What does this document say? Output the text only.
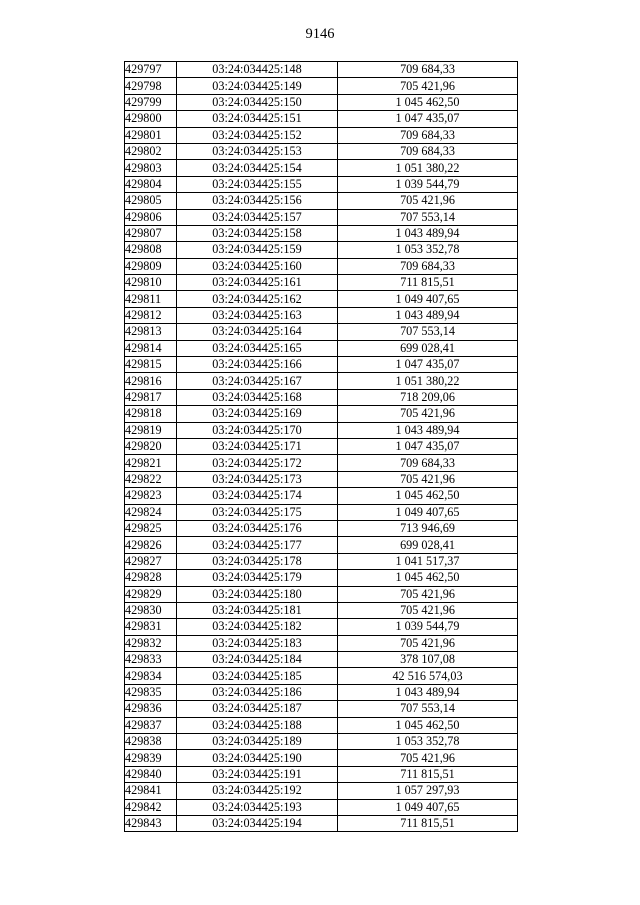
9146
429797	03:24:034425:148	709 684,33
429798	03:24:034425:149	705 421,96
429799	03:24:034425:150	1 045 462,50
429800	03:24:034425:151	1 047 435,07
429801	03:24:034425:152	709 684,33
429802	03:24:034425:153	709 684,33
429803	03:24:034425:154	1 051 380,22
429804	03:24:034425:155	1 039 544,79
429805	03:24:034425:156	705 421,96
429806	03:24:034425:157	707 553,14
429807	03:24:034425:158	1 043 489,94
429808	03:24:034425:159	1 053 352,78
429809	03:24:034425:160	709 684,33
429810	03:24:034425:161	711 815,51
429811	03:24:034425:162	1 049 407,65
429812	03:24:034425:163	1 043 489,94
429813	03:24:034425:164	707 553,14
429814	03:24:034425:165	699 028,41
429815	03:24:034425:166	1 047 435,07
429816	03:24:034425:167	1 051 380,22
429817	03:24:034425:168	718 209,06
429818	03:24:034425:169	705 421,96
429819	03:24:034425:170	1 043 489,94
429820	03:24:034425:171	1 047 435,07
429821	03:24:034425:172	709 684,33
429822	03:24:034425:173	705 421,96
429823	03:24:034425:174	1 045 462,50
429824	03:24:034425:175	1 049 407,65
429825	03:24:034425:176	713 946,69
429826	03:24:034425:177	699 028,41
429827	03:24:034425:178	1 041 517,37
429828	03:24:034425:179	1 045 462,50
429829	03:24:034425:180	705 421,96
429830	03:24:034425:181	705 421,96
429831	03:24:034425:182	1 039 544,79
429832	03:24:034425:183	705 421,96
429833	03:24:034425:184	378 107,08
429834	03:24:034425:185	42 516 574,03
429835	03:24:034425:186	1 043 489,94
429836	03:24:034425:187	707 553,14
429837	03:24:034425:188	1 045 462,50
429838	03:24:034425:189	1 053 352,78
429839	03:24:034425:190	705 421,96
429840	03:24:034425:191	711 815,51
429841	03:24:034425:192	1 057 297,93
429842	03:24:034425:193	1 049 407,65
429843	03:24:034425:194	711 815,51
